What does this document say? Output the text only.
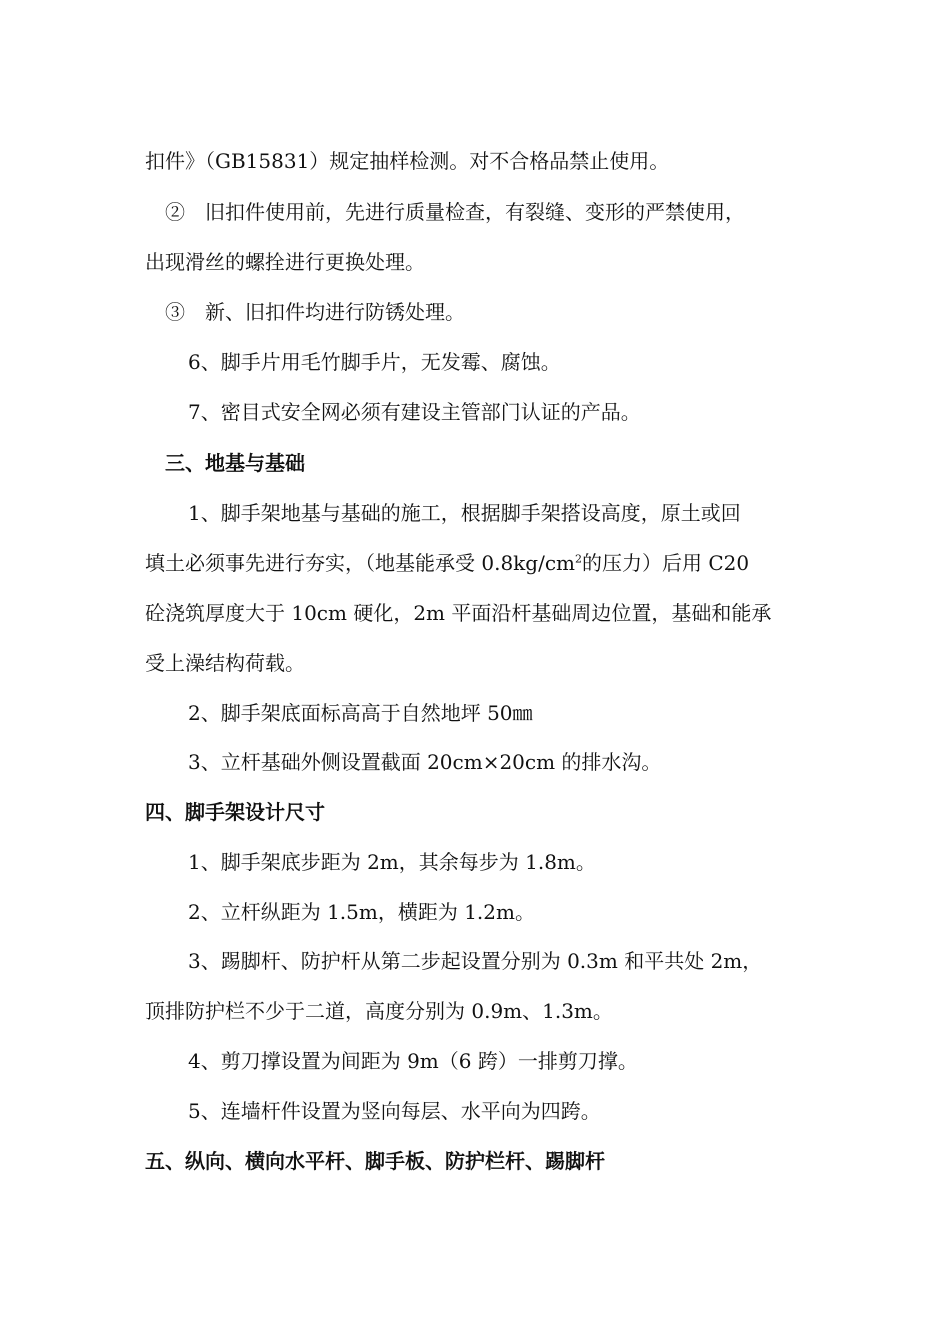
扣件》（GB15831）规定抽样检测。对不合格品禁止使用。
②　旧扣件使用前，先进行质量检查，有裂缝、变形的严禁使用，
出现滑丝的螺拴进行更换处理。
③　新、旧扣件均进行防锈处理。
6、脚手片用毛竹脚手片，无发霉、腐蚀。
7、密目式安全网必须有建设主管部门认证的产品。
三、地基与基础
1、脚手架地基与基础的施工，根据脚手架搭设高度，原土或回
填土必须事先进行夯实，（地基能承受 $0.8kg/cm^2$的压力）后用 C20
砼浇筑厚度大于 10cm 硬化，2m 平面沿杆基础周边位置，基础和能承
受上澡结构荷载。
2、脚手架底面标高高于自然地坪 50㎜
3、立杆基础外侧设置截面 20cm×20cm 的排水沟。
四、脚手架设计尺寸
1、脚手架底步距为 2m，其余每步为 1.8m。
2、立杆纵距为 1.5m，横距为 1.2m。
3、踢脚杆、防护杆从第二步起设置分别为 0.3m 和平共处 2m，
顶排防护栏不少于二道，高度分别为 0.9m、1.3m。
4、剪刀撑设置为间距为 9m（6 跨）一排剪刀撑。
5、连墙杆件设置为竖向每层、水平向为四跨。
五、纵向、横向水平杆、脚手板、防护栏杆、踢脚杆
